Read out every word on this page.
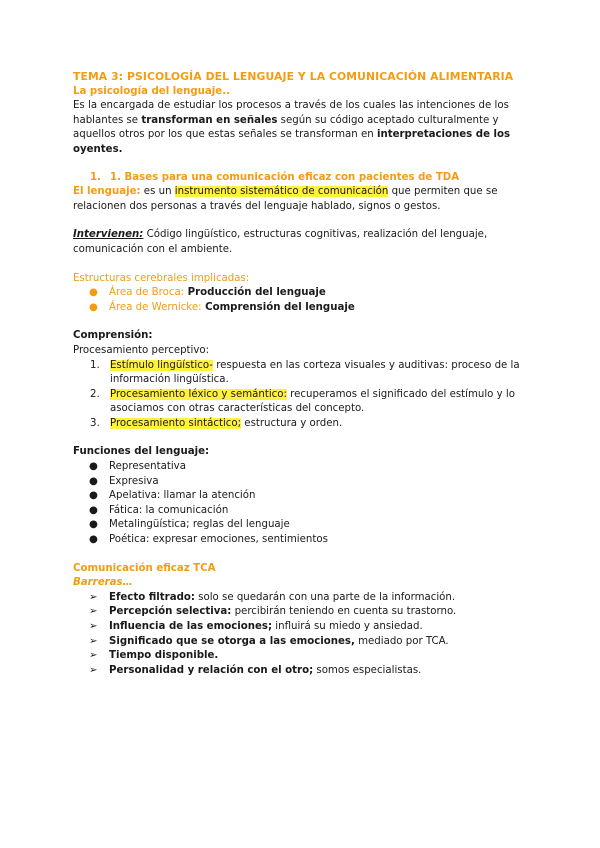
TEMA 3: PSICOLOGÍA DEL LENGUAJE Y LA COMUNICACIÓN ALIMENTARIA
La psicología del lenguaje..
Es la encargada de estudiar los procesos a través de los cuales las intenciones de los hablantes se transforman en señales según su código aceptado culturalmente y aquellos otros por los que estas señales se transforman en interpretaciones de los oyentes.
1. 1. Bases para una comunicación eficaz con pacientes de TDA
El lenguaje: es un instrumento sistemático de comunicación que permiten que se relacionen dos personas a través del lenguaje hablado, signos o gestos.
Intervienen: Código lingüístico, estructuras cognitivas, realización del lenguaje, comunicación con el ambiente.
Estructuras cerebrales implicadas:
● Área de Broca: Producción del lenguaje
● Área de Wernicke: Comprensión del lenguaje
Comprensión:
Procesamiento perceptivo:
1. Estímulo lingüístico- respuesta en las corteza visuales y auditivas: proceso de la información lingüística.
2. Procesamiento léxico y semántico: recuperamos el significado del estímulo y lo asociamos con otras características del concepto.
3. Procesamiento sintáctico; estructura y orden.
Funciones del lenguaje:
● Representativa
● Expresiva
● Apelativa: llamar la atención
● Fática: la comunicación
● Metalingüística; reglas del lenguaje
● Poética: expresar emociones, sentimientos
Comunicación eficaz TCA
Barreras…
➢ Efecto filtrado: solo se quedarán con una parte de la información.
➢ Percepción selectiva: percibirán teniendo en cuenta su trastorno.
➢ Influencia de las emociones; influirá su miedo y ansiedad.
➢ Significado que se otorga a las emociones, mediado por TCA.
➢ Tiempo disponible.
➢ Personalidad y relación con el otro; somos especialistas.
